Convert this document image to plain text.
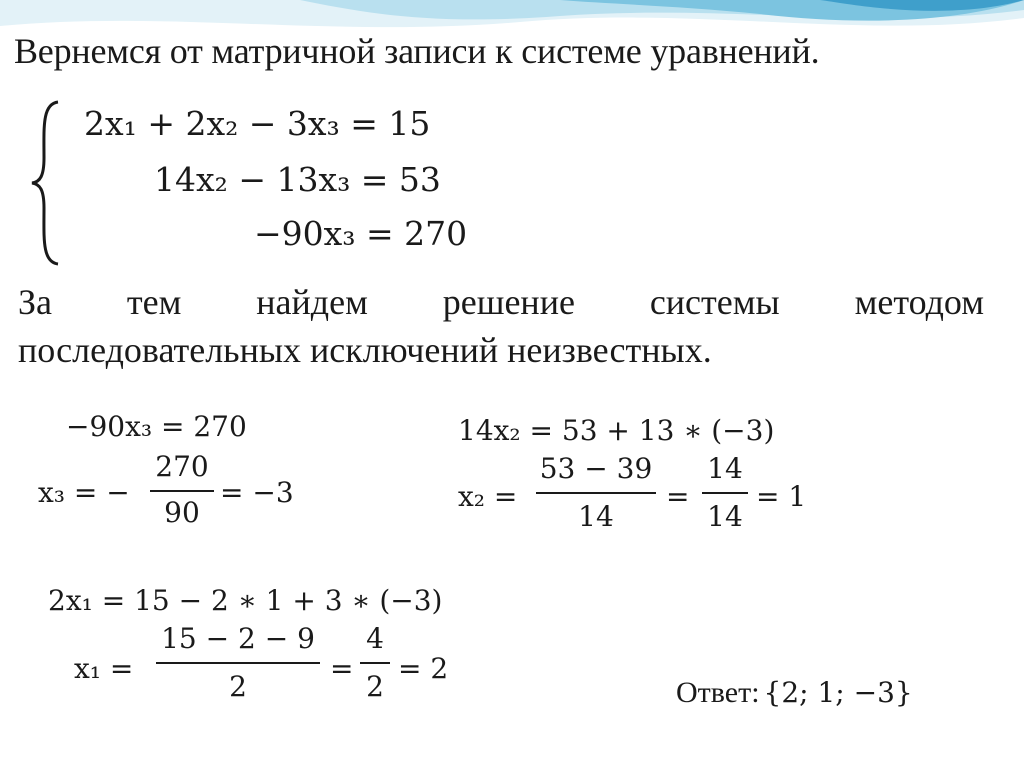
Вернемся от матричной записи к системе уравнений.
2x₁ + 2x₂ − 3x₃ = 15
14x₂ − 13x₃ = 53
−90x₃ = 270
За тем найдем решение системы методом
последовательных исключений неизвестных.
−90x₃ = 270
x₃ = −
270
90
= −3
14x₂ = 53 + 13 ∗ (−3)
x₂ =
53 − 39
14
=
14
14
= 1
2x₁ = 15 − 2 ∗ 1 + 3 ∗ (−3)
x₁ =
15 − 2 − 9
2
=
4
2
= 2
Ответ: {2; 1; −3}
